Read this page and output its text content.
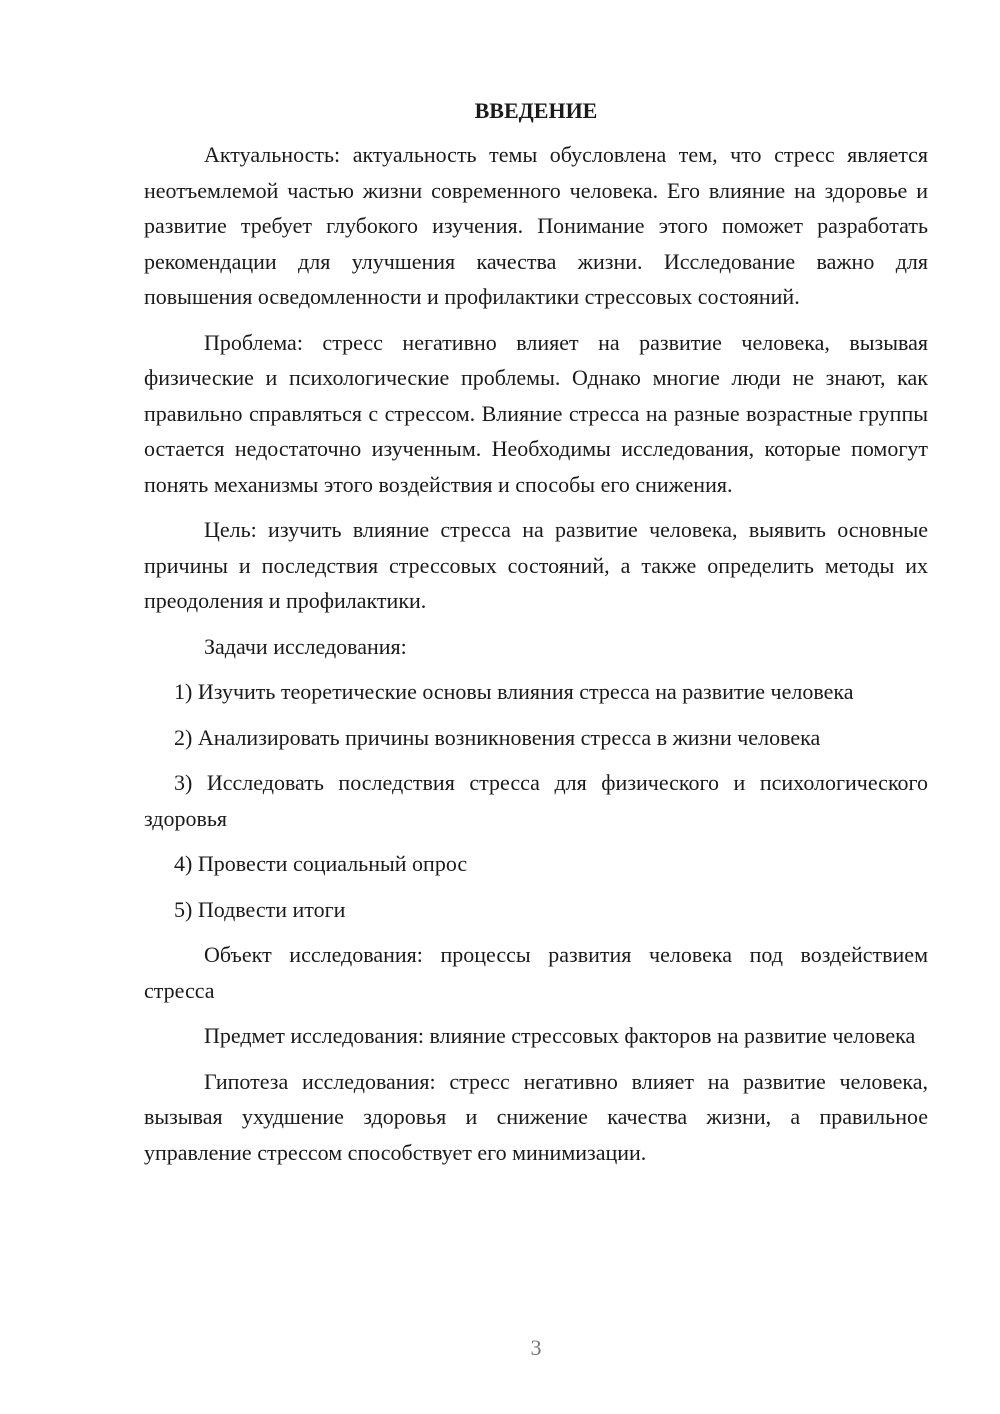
ВВЕДЕНИЕ

Актуальность: актуальность темы обусловлена тем, что стресс является неотъемлемой частью жизни современного человека. Его влияние на здоровье и развитие требует глубокого изучения. Понимание этого поможет разработать рекомендации для улучшения качества жизни. Исследование важно для повышения осведомленности и профилактики стрессовых состояний.

Проблема: стресс негативно влияет на развитие человека, вызывая физические и психологические проблемы. Однако многие люди не знают, как правильно справляться с стрессом. Влияние стресса на разные возрастные группы остается недостаточно изученным. Необходимы исследования, которые помогут понять механизмы этого воздействия и способы его снижения.

Цель: изучить влияние стресса на развитие человека, выявить основные причины и последствия стрессовых состояний, а также определить методы их преодоления и профилактики.

Задачи исследования:

1) Изучить теоретические основы влияния стресса на развитие человека

2) Анализировать причины возникновения стресса в жизни человека

3) Исследовать последствия стресса для физического и психологического здоровья

4) Провести социальный опрос

5) Подвести итоги

Объект исследования: процессы развития человека под воздействием стресса

Предмет исследования: влияние стрессовых факторов на развитие человека

Гипотеза исследования: стресс негативно влияет на развитие человека, вызывая ухудшение здоровья и снижение качества жизни, а правильное управление стрессом способствует его минимизации.

3
